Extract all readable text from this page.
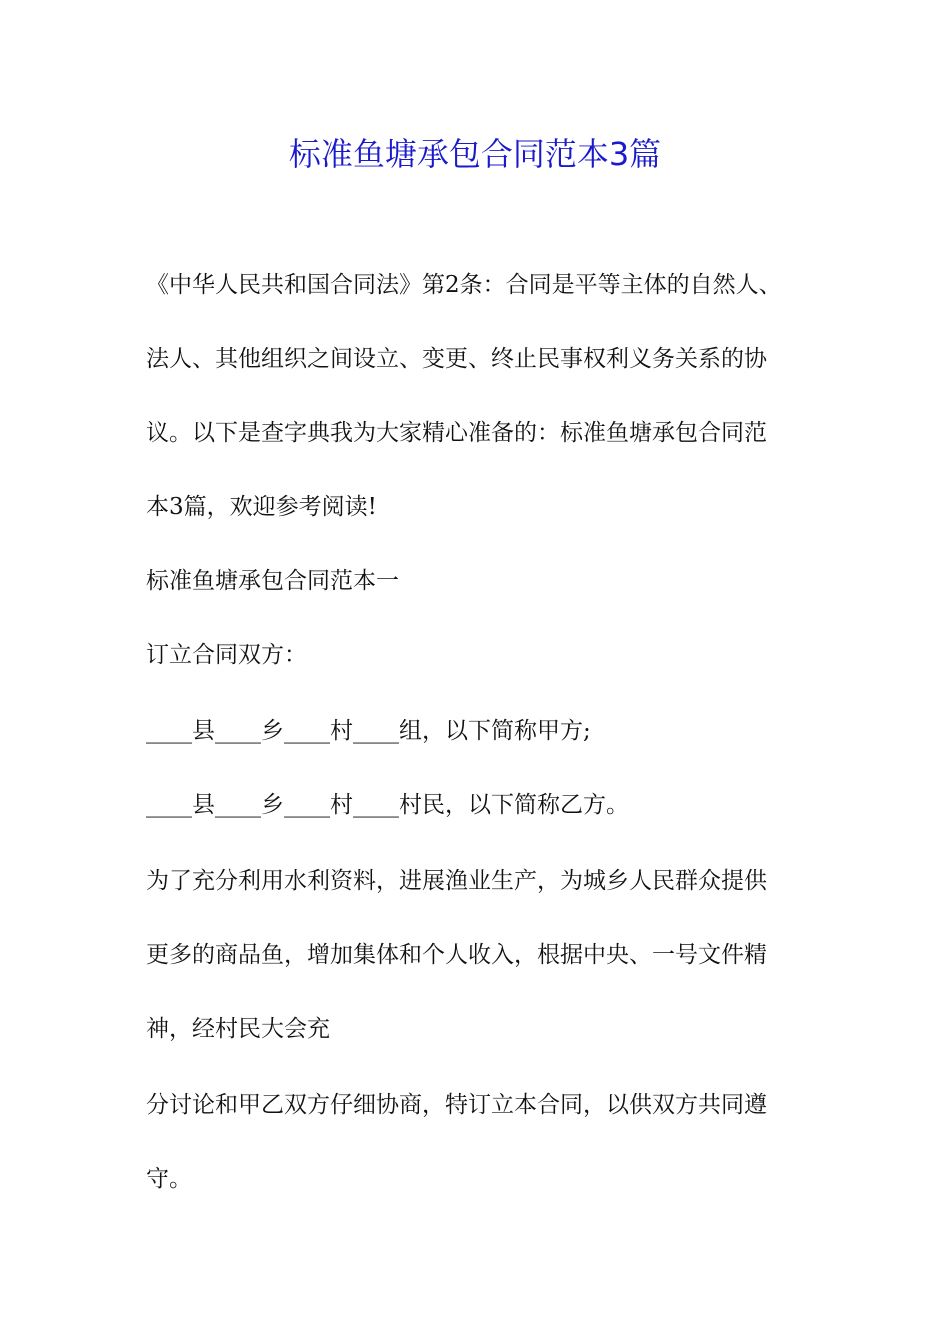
标准鱼塘承包合同范本3篇

《中华人民共和国合同法》第2条：合同是平等主体的自然人、

法人、其他组织之间设立、变更、终止民事权利义务关系的协

议。以下是查字典我为大家精心准备的：标准鱼塘承包合同范

本3篇，欢迎参考阅读!

标准鱼塘承包合同范本一

订立合同双方：

____县____乡____村____组，以下简称甲方;

____县____乡____村____村民，以下简称乙方。

为了充分利用水利资料，进展渔业生产，为城乡人民群众提供

更多的商品鱼，增加集体和个人收入，根据中央、一号文件精

神，经村民大会充

分讨论和甲乙双方仔细协商，特订立本合同，以供双方共同遵

守。
